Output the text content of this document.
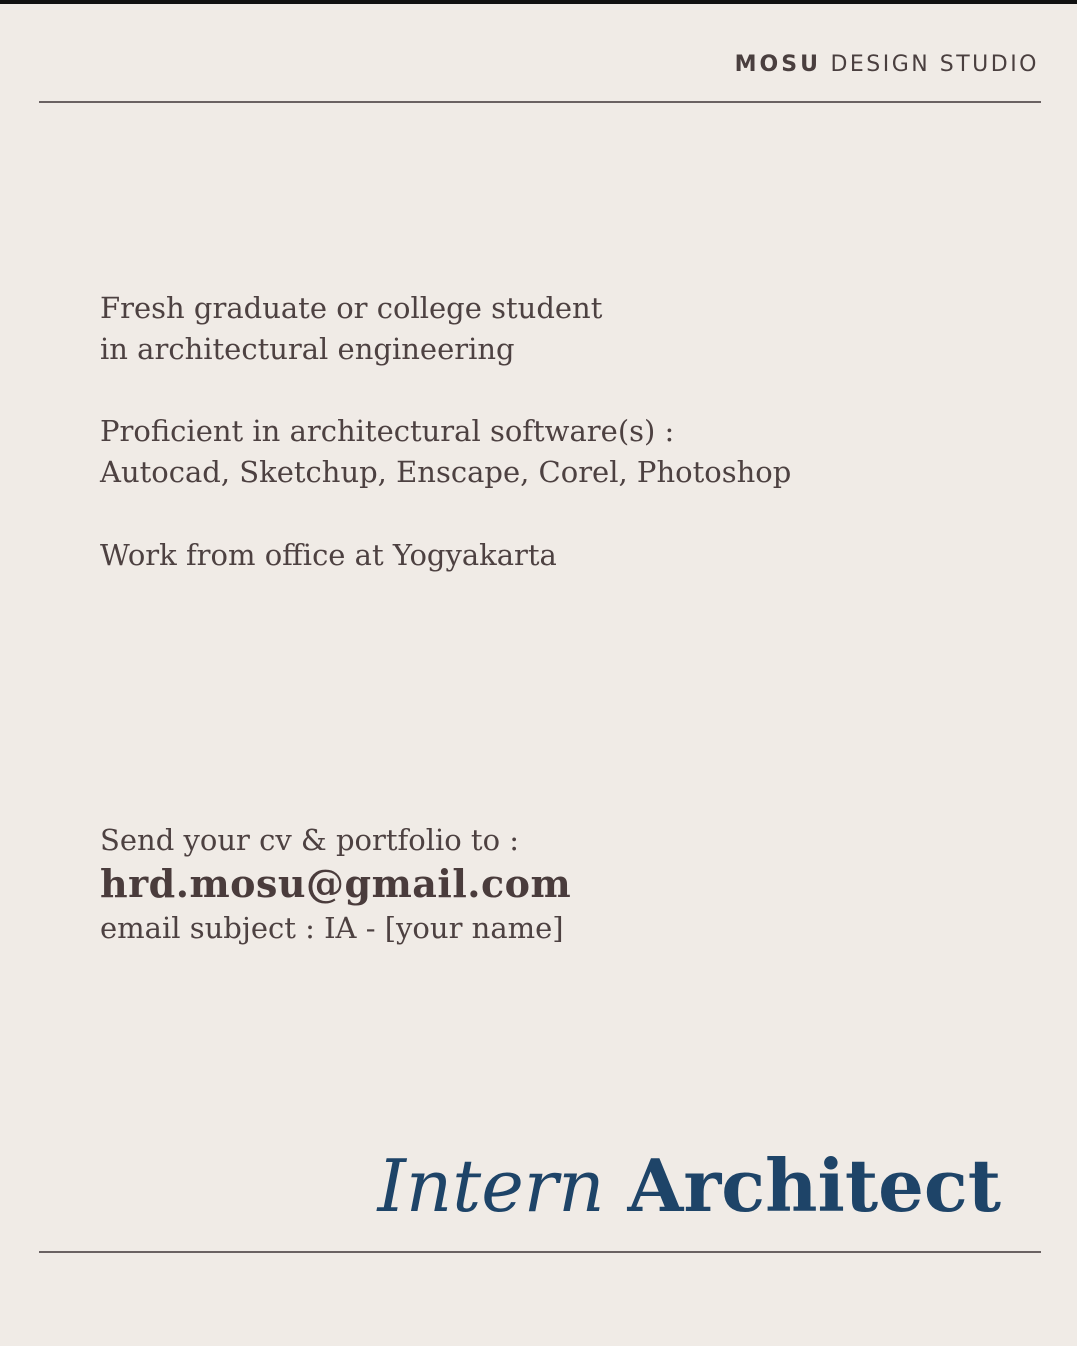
MOSU DESIGN STUDIO
Fresh graduate or college student
in architectural engineering
Proficient in architectural software(s) :
Autocad, Sketchup, Enscape, Corel, Photoshop
Work from office at Yogyakarta
Send your cv & portfolio to :
hrd.mosu@gmail.com
email subject : IA - [your name]
Intern Architect
